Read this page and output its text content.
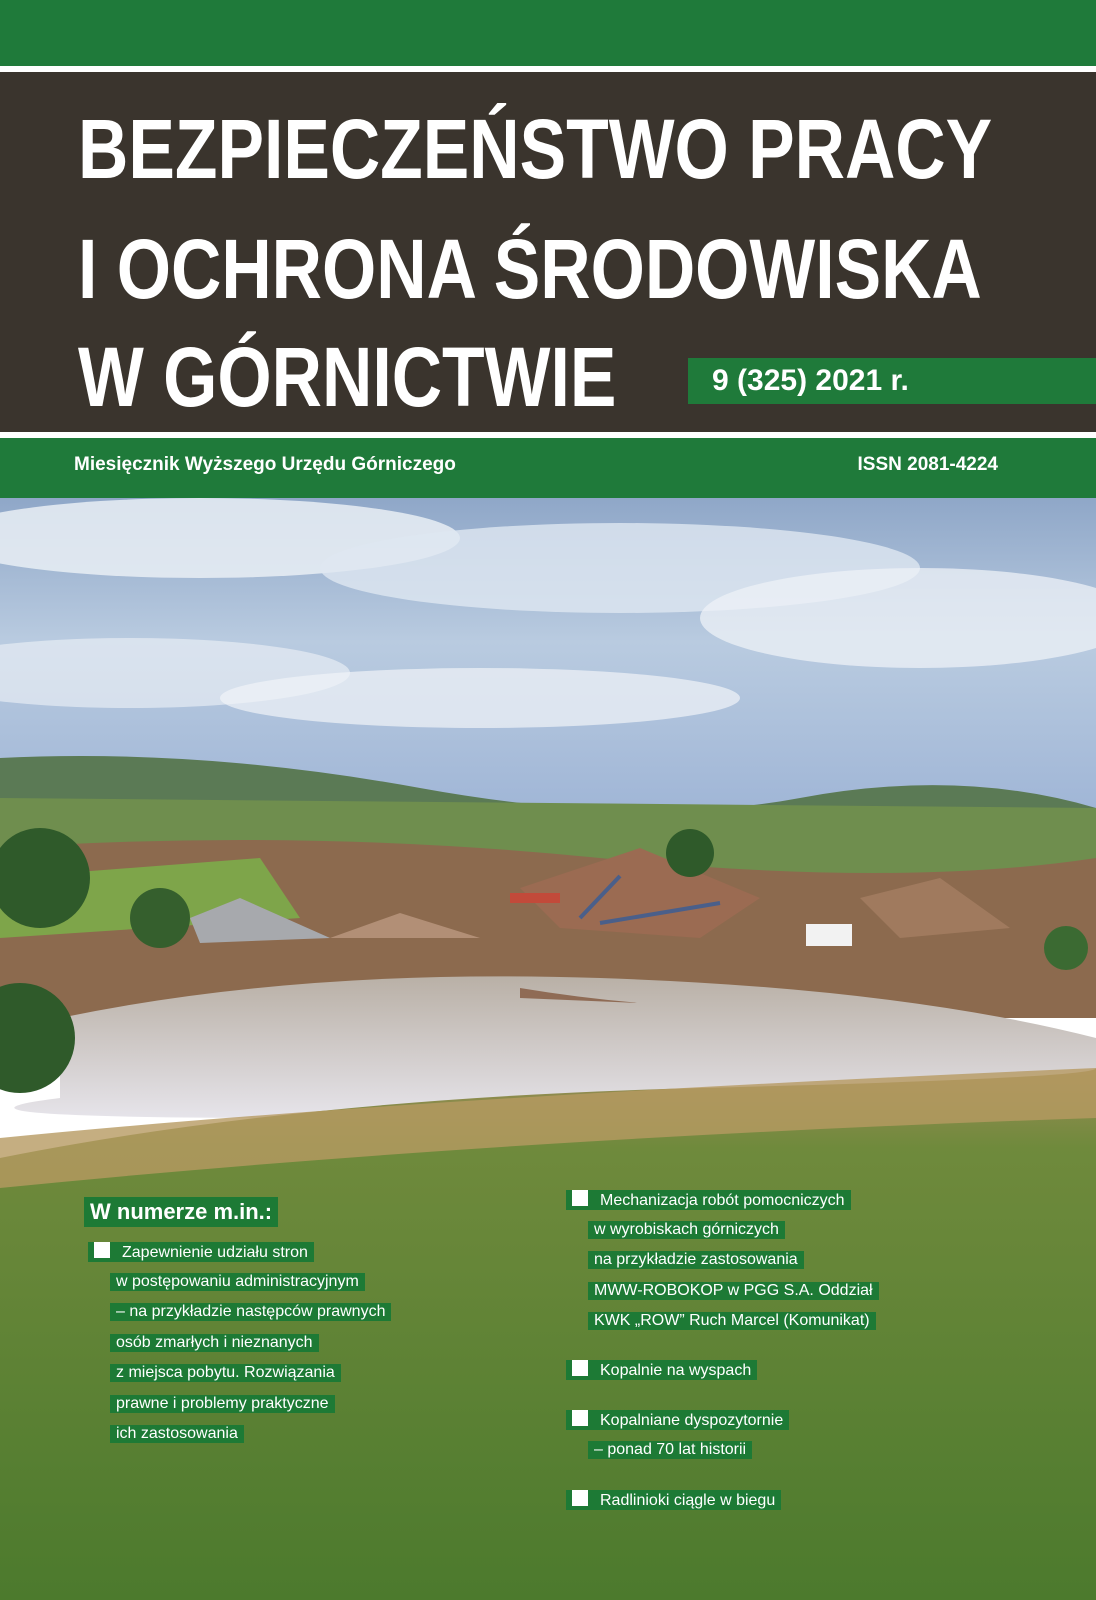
BEZPIECZEŃSTWO PRACY
I OCHRONA ŚRODOWISKA
W GÓRNICTWIE	9 (325) 2021 r.
Miesięcznik Wyższego Urzędu Górniczego	ISSN 2081-4224
W numerze m.in.:
Zapewnienie udziału stron
w postępowaniu administracyjnym
– na przykładzie następców prawnych
osób zmarłych i nieznanych
z miejsca pobytu. Rozwiązania
prawne i problemy praktyczne
ich zastosowania
Mechanizacja robót pomocniczych
w wyrobiskach górniczych
na przykładzie zastosowania
MWW-ROBOKOP w PGG S.A. Oddział
KWK „ROW” Ruch Marcel (Komunikat)
Kopalnie na wyspach
Kopalniane dyspozytornie
– ponad 70 lat historii
Radlinioki ciągle w biegu
